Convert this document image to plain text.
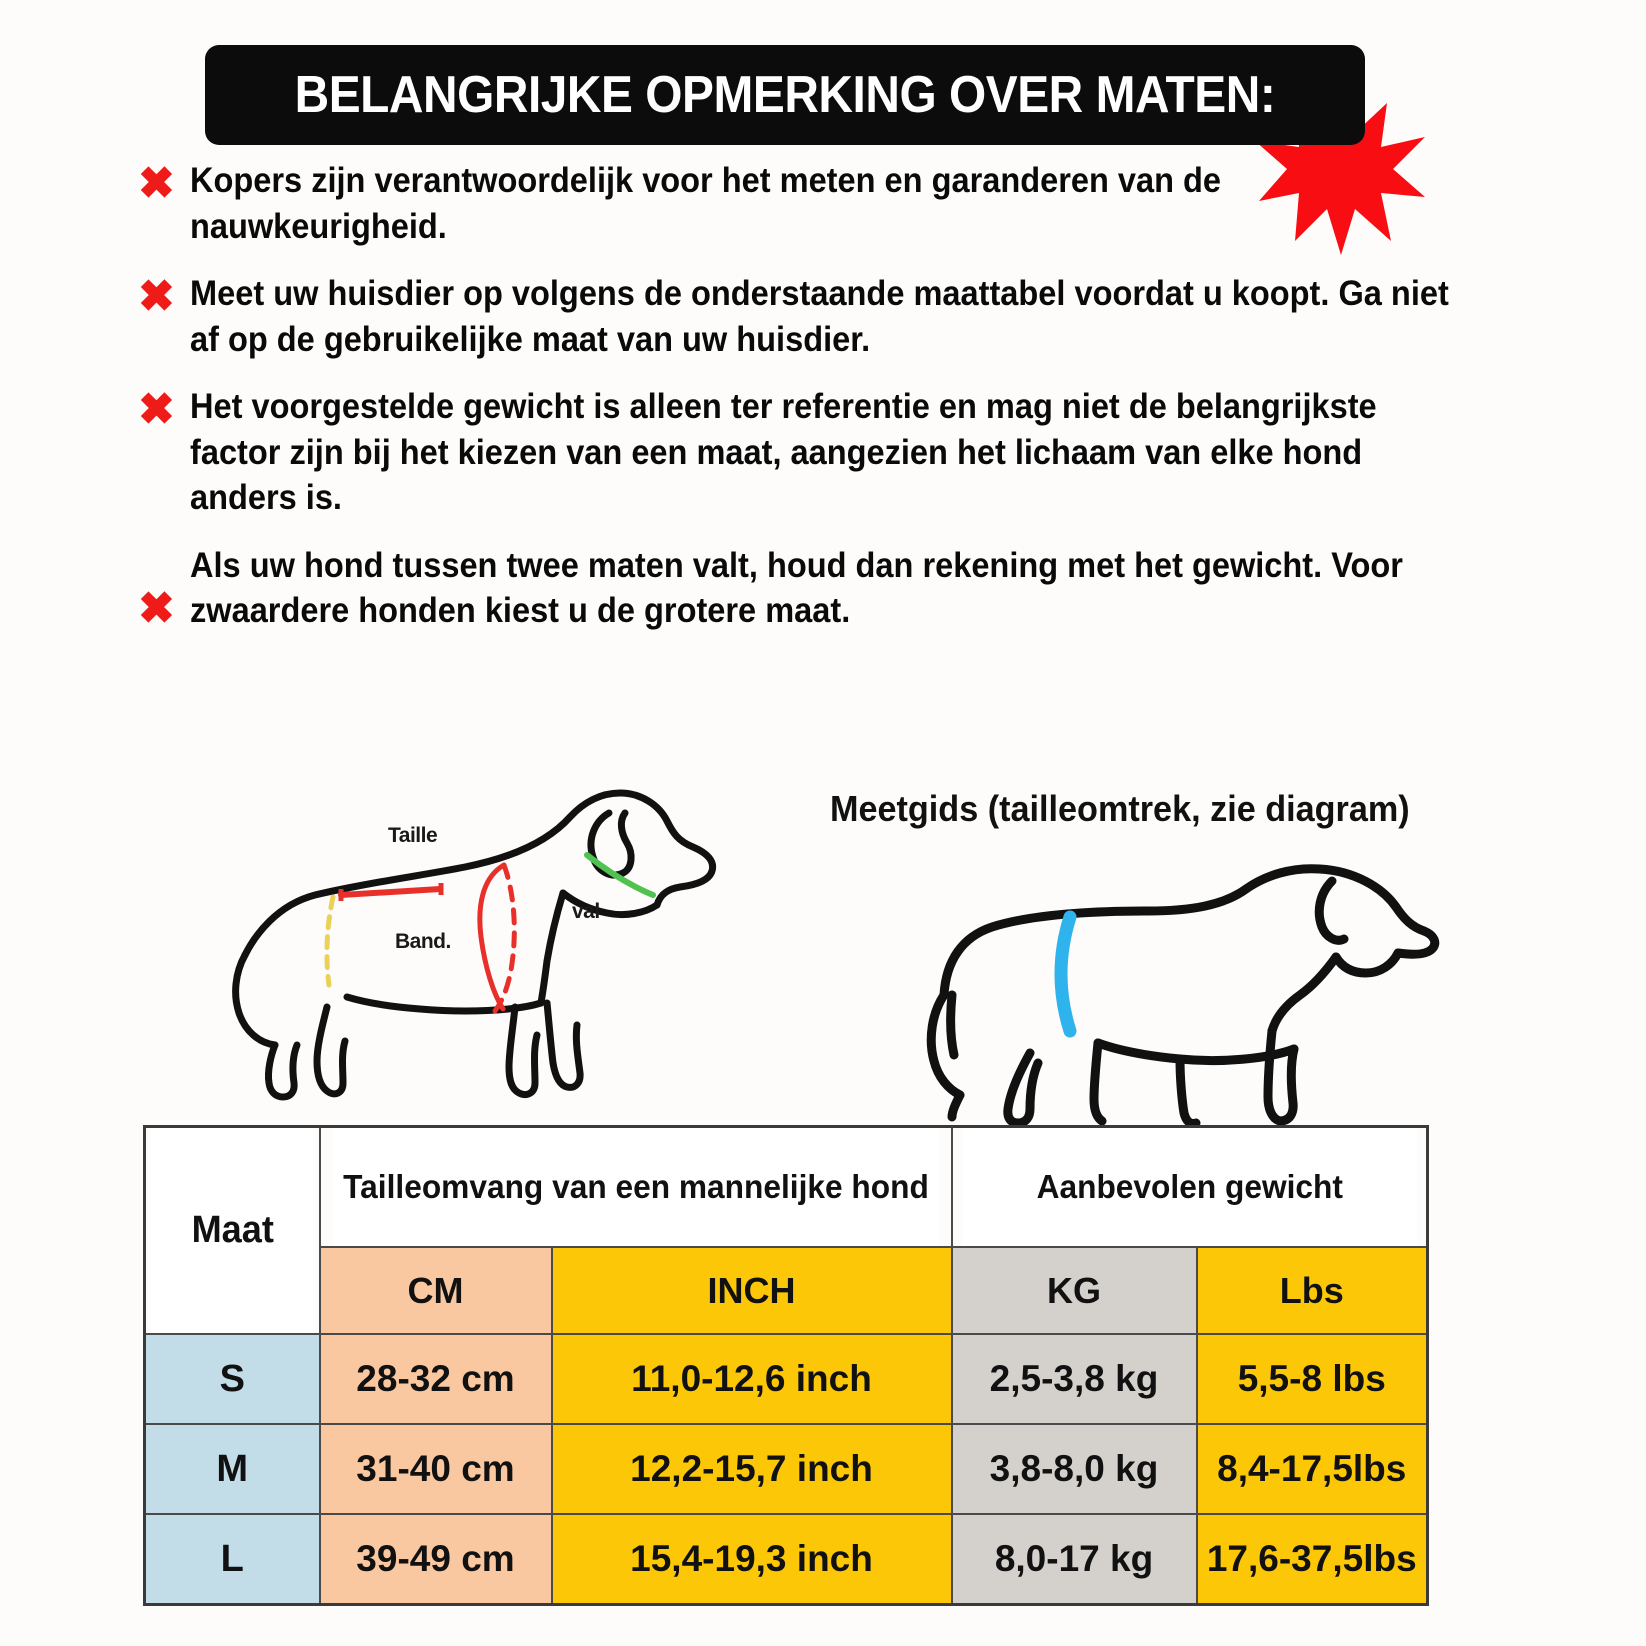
BELANGRIJKE OPMERKING OVER MATEN:
✖ Kopers zijn verantwoordelijk voor het meten en garanderen van de nauwkeurigheid.
✖ Meet uw huisdier op volgens de onderstaande maattabel voordat u koopt. Ga niet af op de gebruikelijke maat van uw huisdier.
✖ Het voorgestelde gewicht is alleen ter referentie en mag niet de belangrijkste factor zijn bij het kiezen van een maat, aangezien het lichaam van elke hond anders is.
✖
Als uw hond tussen twee maten valt, houd dan rekening met het gewicht. Voor zwaardere honden kiest u de grotere maat.
Meetgids (tailleomtrek, zie diagram)
Taille
Band.
val
Maat	Tailleomvang van een mannelijke hond		Aanbevolen gewicht	
	CM	INCH	KG	Lbs
S	28-32 cm	11,0-12,6 inch	2,5-3,8 kg	5,5-8 lbs
M	31-40 cm	12,2-15,7 inch	3,8-8,0 kg	8,4-17,5lbs
L	39-49 cm	15,4-19,3 inch	8,0-17 kg	17,6-37,5lbs
